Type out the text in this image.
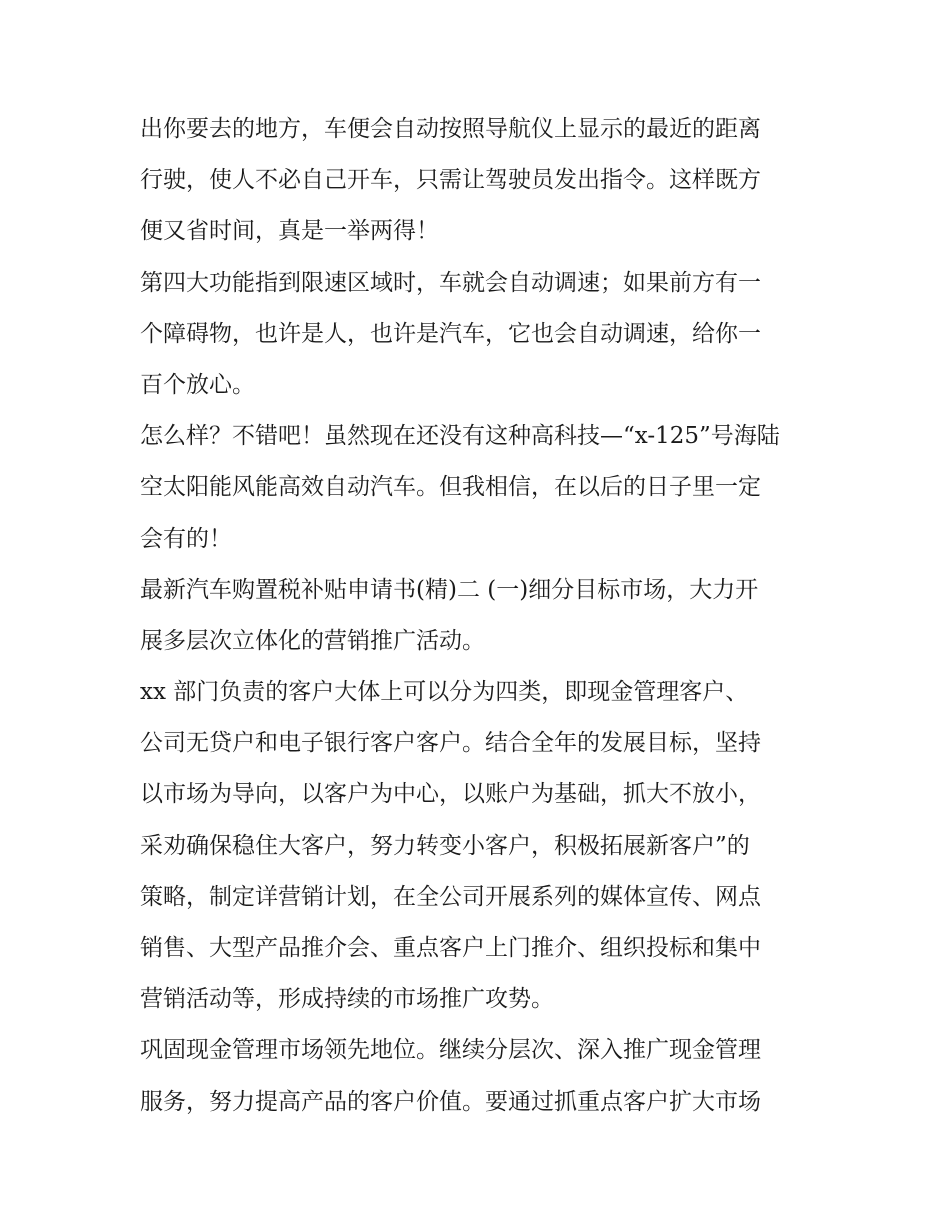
出你要去的地方，车便会自动按照导航仪上显示的最近的距离
行驶，使人不必自己开车，只需让驾驶员发出指令。这样既方
便又省时间，真是一举两得！
第四大功能指到限速区域时，车就会自动调速；如果前方有一
个障碍物，也许是人，也许是汽车，它也会自动调速，给你一
百个放心。
怎么样？不错吧！虽然现在还没有这种高科技—“x-125”号海陆
空太阳能风能高效自动汽车。但我相信，在以后的日子里一定
会有的！
最新汽车购置税补贴申请书(精)二 (一)细分目标市场，大力开
展多层次立体化的营销推广活动。
xx 部门负责的客户大体上可以分为四类，即现金管理客户、
公司无贷户和电子银行客户客户。结合全年的发展目标，坚持
以市场为导向，以客户为中心，以账户为基础，抓大不放小，
采劝确保稳住大客户，努力转变小客户，积极拓展新客户”的
策略，制定详营销计划，在全公司开展系列的媒体宣传、网点
销售、大型产品推介会、重点客户上门推介、组织投标和集中
营销活动等，形成持续的市场推广攻势。
巩固现金管理市场领先地位。继续分层次、深入推广现金管理
服务，努力提高产品的客户价值。要通过抓重点客户扩大市场
